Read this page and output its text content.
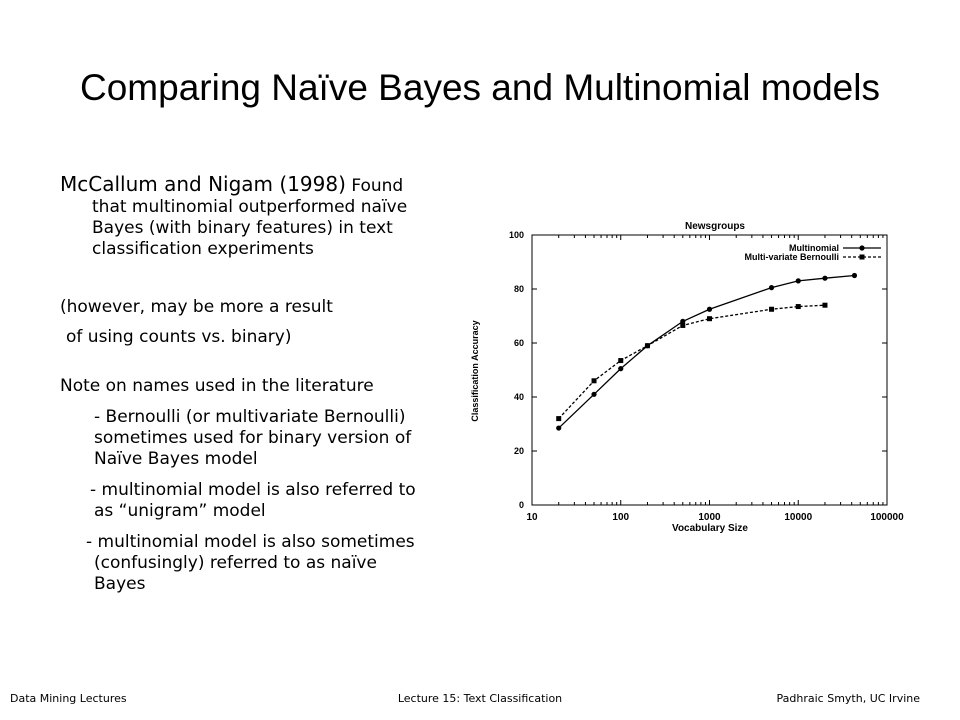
Comparing Naïve Bayes and Multinomial models
McCallum and Nigam (1998) Found
that multinomial outperformed naïve
Bayes (with binary features) in text
classification experiments
(however, may be more a result
of using counts vs. binary)
Note on names used in the literature
- Bernoulli (or multivariate Bernoulli)
sometimes used for binary version of
Naïve Bayes model
- multinomial model is also referred to
as “unigram” model
- multinomial model is also sometimes
(confusingly) referred to as naïve
Bayes
Newsgroups
Vocabulary Size
Classification Accuracy
10	100	1000	10000	100000
0
20
40
60
80
100
Multinomial
Multi-variate Bernoulli
Data Mining Lectures	Lecture 15: Text Classification	Padhraic Smyth, UC Irvine
